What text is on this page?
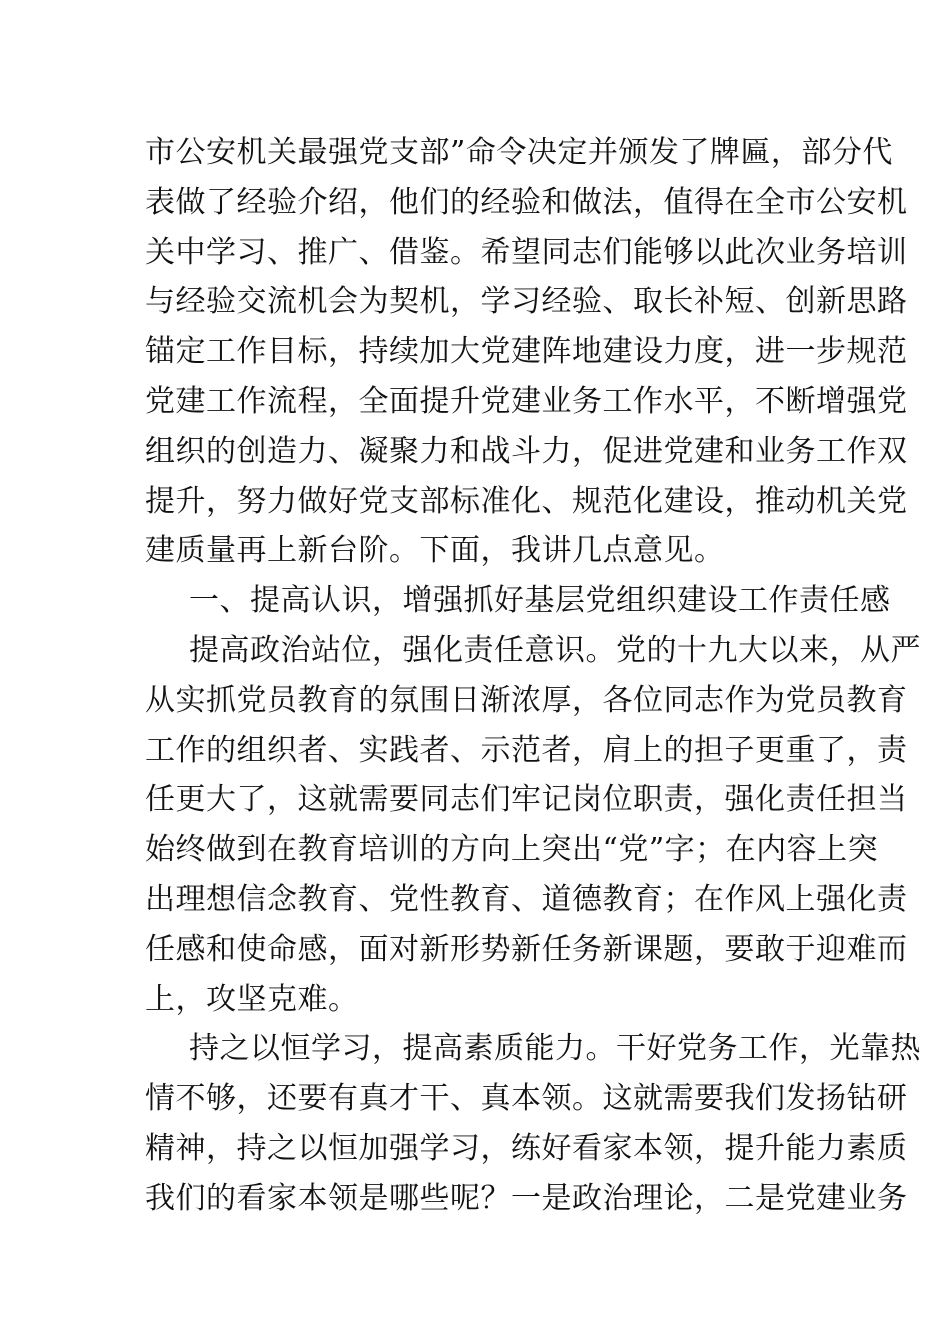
市公安机关最强党支部”命令决定并颁发了牌匾，部分代
表做了经验介绍，他们的经验和做法，值得在全市公安机
关中学习、推广、借鉴。希望同志们能够以此次业务培训
与经验交流机会为契机，学习经验、取长补短、创新思路
锚定工作目标，持续加大党建阵地建设力度，进一步规范
党建工作流程，全面提升党建业务工作水平，不断增强党
组织的创造力、凝聚力和战斗力，促进党建和业务工作双
提升，努力做好党支部标准化、规范化建设，推动机关党
建质量再上新台阶。下面，我讲几点意见。
一、提高认识，增强抓好基层党组织建设工作责任感
提高政治站位，强化责任意识。党的十九大以来，从严
从实抓党员教育的氛围日渐浓厚，各位同志作为党员教育
工作的组织者、实践者、示范者，肩上的担子更重了，责
任更大了，这就需要同志们牢记岗位职责，强化责任担当
始终做到在教育培训的方向上突出“党”字；在内容上突
出理想信念教育、党性教育、道德教育；在作风上强化责
任感和使命感，面对新形势新任务新课题，要敢于迎难而
上，攻坚克难。
持之以恒学习，提高素质能力。干好党务工作，光靠热
情不够，还要有真才干、真本领。这就需要我们发扬钻研
精神，持之以恒加强学习，练好看家本领，提升能力素质
我们的看家本领是哪些呢？一是政治理论，二是党建业务
